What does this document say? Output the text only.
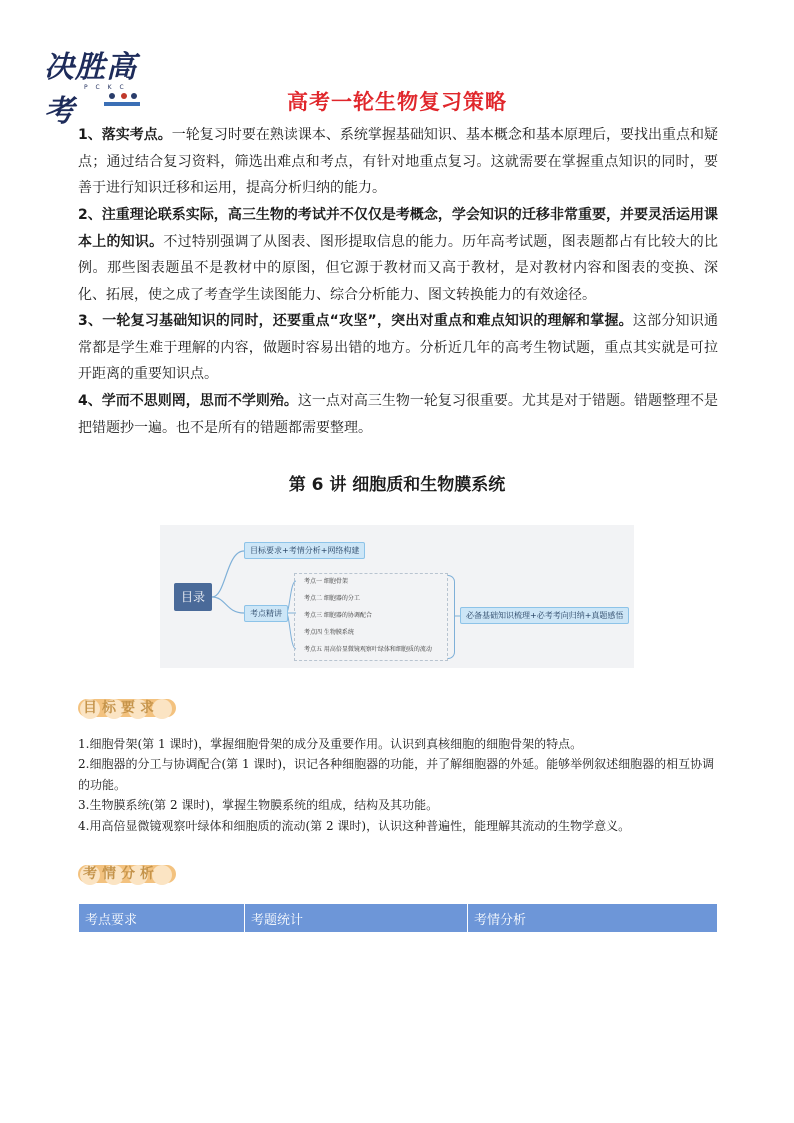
决胜高考
P C K C
高考一轮生物复习策略
1、落实考点。一轮复习时要在熟读课本、系统掌握基础知识、基本概念和基本原理后，要找出重点和疑点；通过结合复习资料，筛选出难点和考点，有针对地重点复习。这就需要在掌握重点知识的同时，要善于进行知识迁移和运用，提高分析归纳的能力。
2、注重理论联系实际，高三生物的考试并不仅仅是考概念，学会知识的迁移非常重要，并要灵活运用课本上的知识。不过特别强调了从图表、图形提取信息的能力。历年高考试题，图表题都占有比较大的比例。那些图表题虽不是教材中的原图，但它源于教材而又高于教材，是对教材内容和图表的变换、深化、拓展，使之成了考查学生读图能力、综合分析能力、图文转换能力的有效途径。
3、一轮复习基础知识的同时，还要重点“攻坚”，突出对重点和难点知识的理解和掌握。这部分知识通常都是学生难于理解的内容，做题时容易出错的地方。分析近几年的高考生物试题，重点其实就是可拉开距离的重要知识点。
4、学而不思则罔，思而不学则殆。这一点对高三生物一轮复习很重要。尤其是对于错题。错题整理不是把错题抄一遍。也不是所有的错题都需要整理。
第 6 讲 细胞质和生物膜系统
目录
目标要求+考情分析+网络构建
考点精讲
考点一 细胞骨架
考点二 细胞器的分工
考点三 细胞器的协调配合
考点四 生物膜系统
考点五 用高倍显微镜观察叶绿体和细胞质的流动
必备基础知识梳理+必考考向归纳+真题感悟
目标要求
1.细胞骨架(第 1 课时)，掌握细胞骨架的成分及重要作用。认识到真核细胞的细胞骨架的特点。
2.细胞器的分工与协调配合(第 1 课时)，识记各种细胞器的功能，并了解细胞器的外延。能够举例叙述细胞器的相互协调的功能。
3.生物膜系统(第 2 课时)，掌握生物膜系统的组成，结构及其功能。
4.用高倍显微镜观察叶绿体和细胞质的流动(第 2 课时)，认识这种普遍性，能理解其流动的生物学意义。
考情分析
考点要求	考题统计	考情分析
